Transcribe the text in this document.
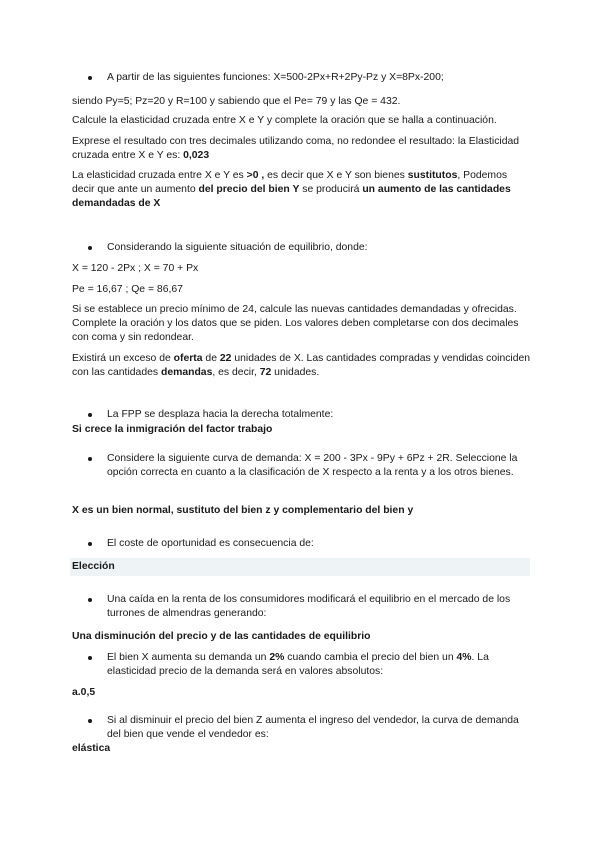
A partir de las siguientes funciones: X=500-2Px+R+2Py-Pz y X=8Px-200;

siendo Py=5; Pz=20 y R=100 y sabiendo que el Pe= 79 y las Qe = 432.

Calcule la elasticidad cruzada entre X e Y y complete la oración que se halla a continuación.

Exprese el resultado con tres decimales utilizando coma, no redondee el resultado: la Elasticidad cruzada entre X e Y es: 0,023

La elasticidad cruzada entre X e Y es >0 , es decir que X e Y son bienes sustitutos, Podemos decir que ante un aumento del precio del bien Y se producirá un aumento de las cantidades demandadas de X

Considerando la siguiente situación de equilibrio, donde:

X = 120 - 2Px ; X = 70 + Px

Pe = 16,67 ; Qe = 86,67

Si se establece un precio mínimo de 24, calcule las nuevas cantidades demandadas y ofrecidas. Complete la oración y los datos que se piden. Los valores deben completarse con dos decimales con coma y sin redondear.

Existirá un exceso de oferta de 22 unidades de X. Las cantidades compradas y vendidas coinciden con las cantidades demandas, es decir, 72 unidades.

La FPP se desplaza hacia la derecha totalmente:

Si crece la inmigración del factor trabajo

Considere la siguiente curva de demanda: X = 200 - 3Px - 9Py + 6Pz + 2R. Seleccione la opción correcta en cuanto a la clasificación de X respecto a la renta y a los otros bienes.

X es un bien normal, sustituto del bien z y complementario del bien y

El coste de oportunidad es consecuencia de:

Elección

Una caída en la renta de los consumidores modificará el equilibrio en el mercado de los turrones de almendras generando:

Una disminución del precio y de las cantidades de equilibrio

El bien X aumenta su demanda un 2% cuando cambia el precio del bien un 4%. La elasticidad precio de la demanda será en valores absolutos:

a.0,5

Si al disminuir el precio del bien Z aumenta el ingreso del vendedor, la curva de demanda del bien que vende el vendedor es:

elástica
